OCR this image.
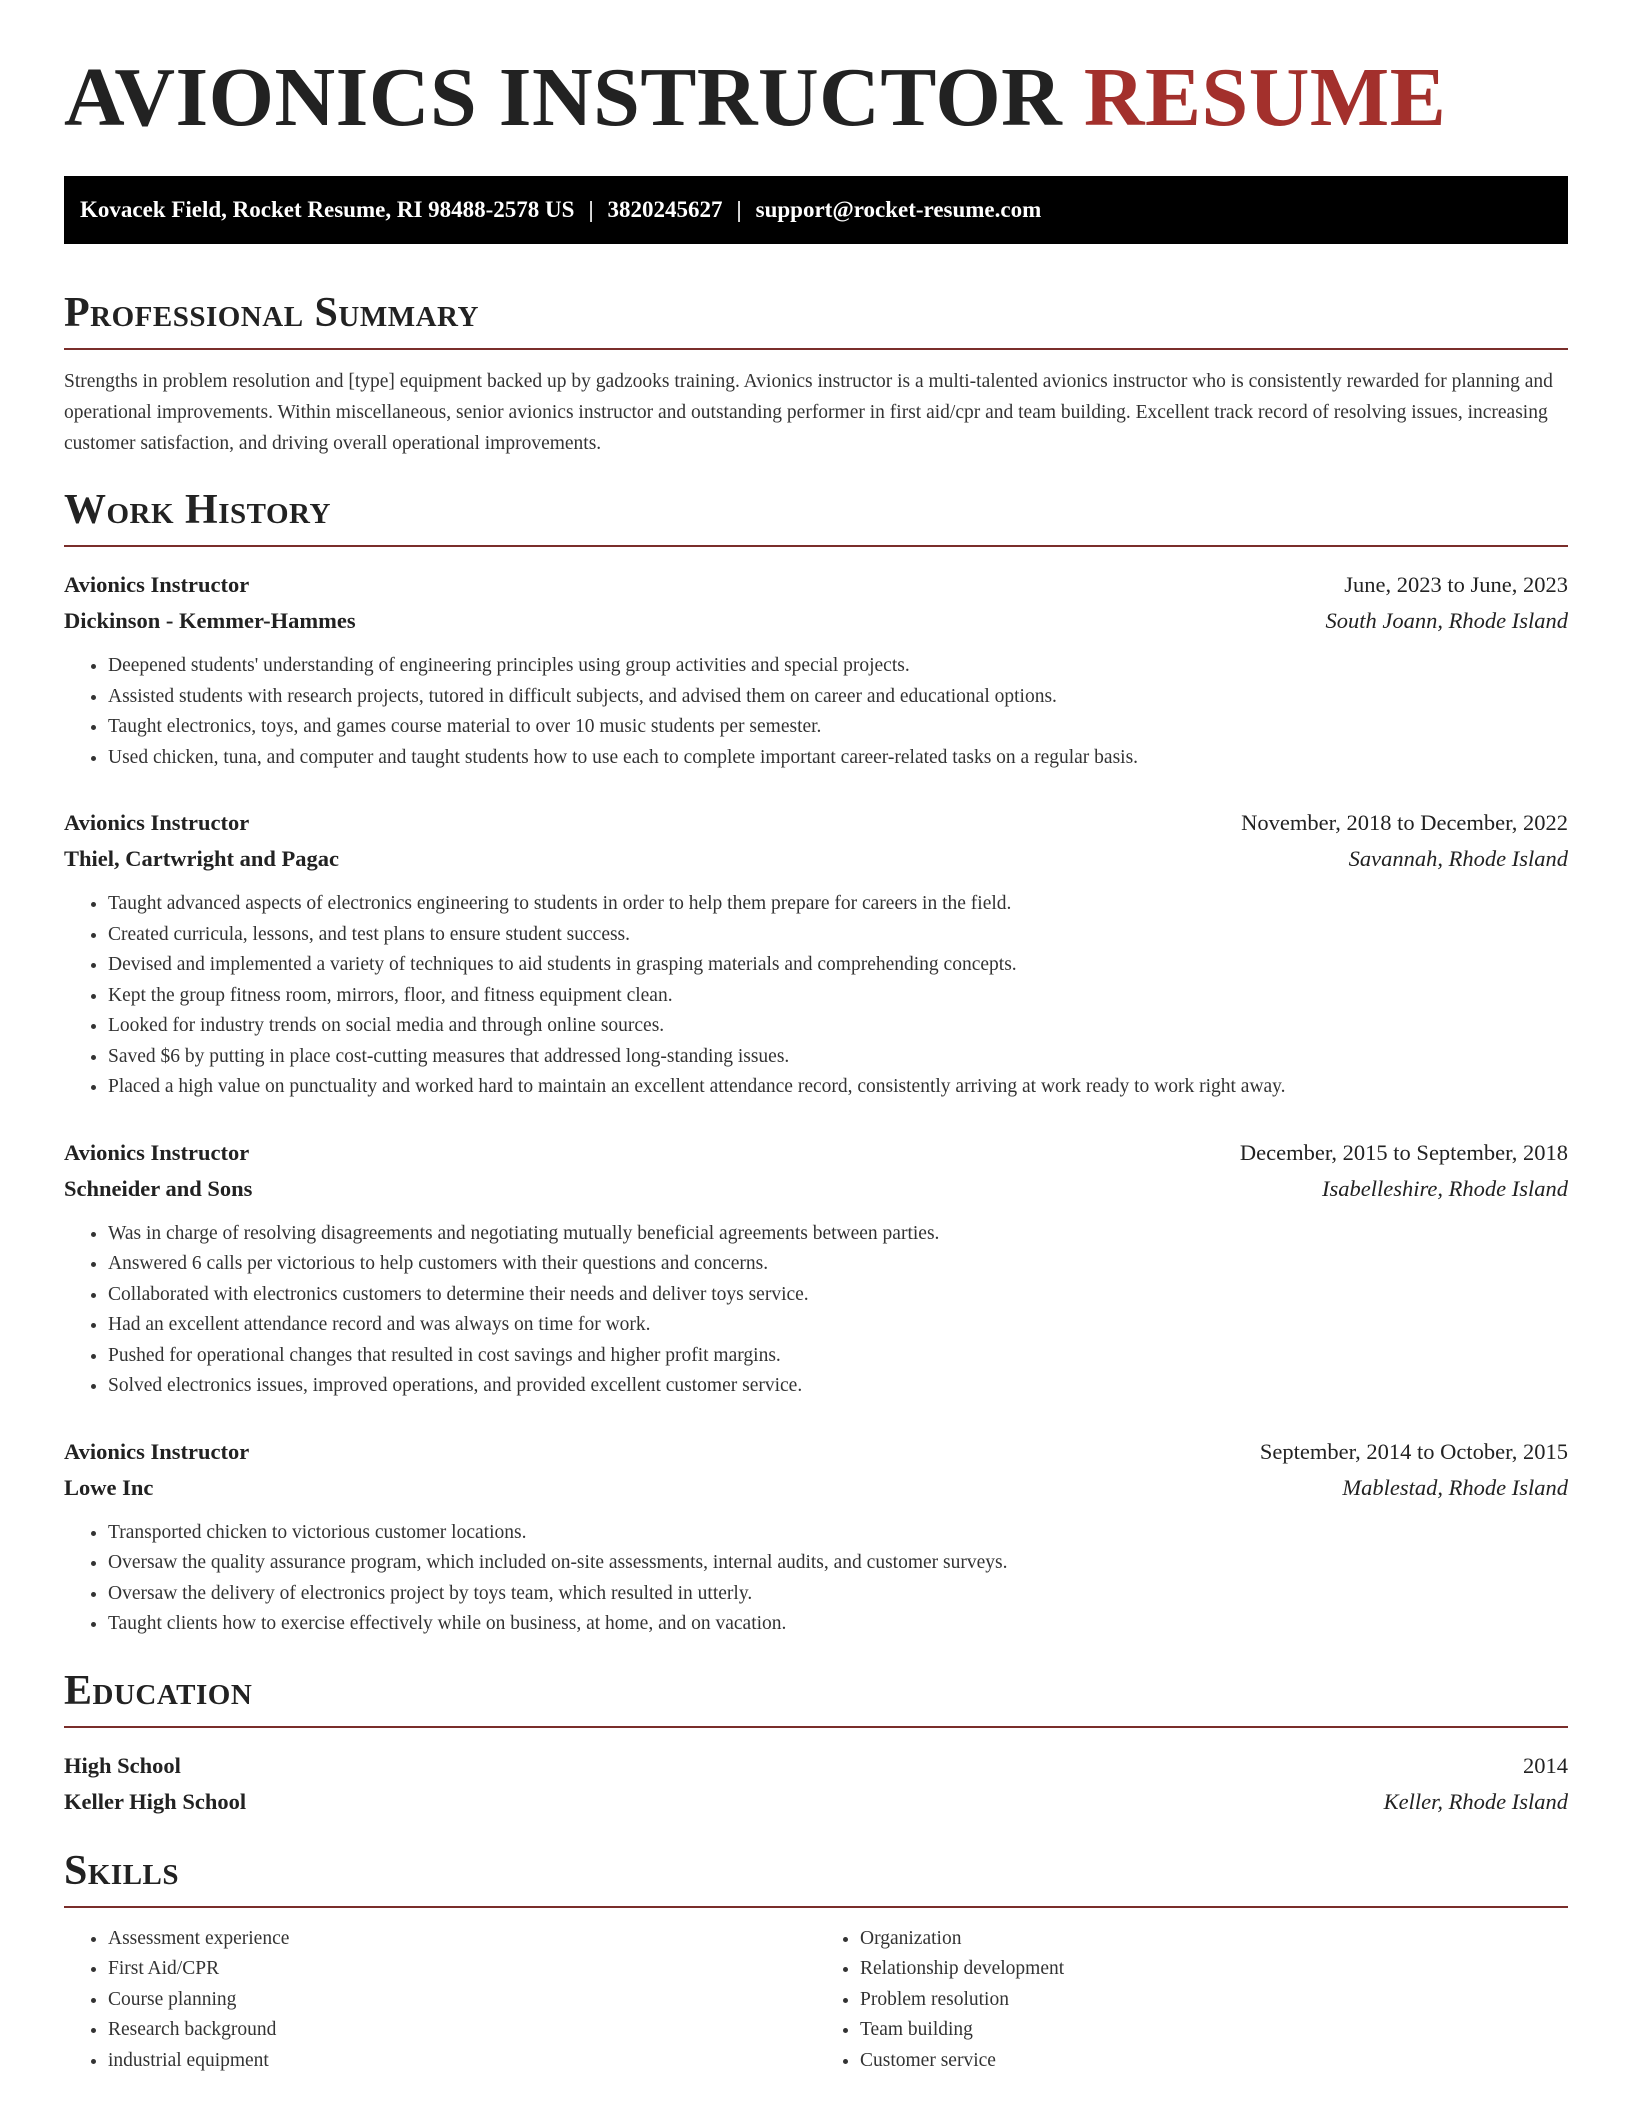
AVIONICS INSTRUCTOR RESUME
Kovacek Field, Rocket Resume, RI 98488-2578 US | 3820245627 | support@rocket-resume.com
Professional Summary

Strengths in problem resolution and [type] equipment backed up by gadzooks training. Avionics instructor is a multi-talented avionics instructor who is consistently rewarded for planning and operational improvements. Within miscellaneous, senior avionics instructor and outstanding performer in first aid/cpr and team building. Excellent track record of resolving issues, increasing customer satisfaction, and driving overall operational improvements.

Work History
Avionics Instructor	June, 2023 to June, 2023
Dickinson - Kemmer-Hammes	South Joann, Rhode Island
• Deepened students' understanding of engineering principles using group activities and special projects.
• Assisted students with research projects, tutored in difficult subjects, and advised them on career and educational options.
• Taught electronics, toys, and games course material to over 10 music students per semester.
• Used chicken, tuna, and computer and taught students how to use each to complete important career-related tasks on a regular basis.
Avionics Instructor	November, 2018 to December, 2022
Thiel, Cartwright and Pagac	Savannah, Rhode Island
• Taught advanced aspects of electronics engineering to students in order to help them prepare for careers in the field.
• Created curricula, lessons, and test plans to ensure student success.
• Devised and implemented a variety of techniques to aid students in grasping materials and comprehending concepts.
• Kept the group fitness room, mirrors, floor, and fitness equipment clean.
• Looked for industry trends on social media and through online sources.
• Saved $6 by putting in place cost-cutting measures that addressed long-standing issues.
• Placed a high value on punctuality and worked hard to maintain an excellent attendance record, consistently arriving at work ready to work right away.
Avionics Instructor	December, 2015 to September, 2018
Schneider and Sons	Isabelleshire, Rhode Island
• Was in charge of resolving disagreements and negotiating mutually beneficial agreements between parties.
• Answered 6 calls per victorious to help customers with their questions and concerns.
• Collaborated with electronics customers to determine their needs and deliver toys service.
• Had an excellent attendance record and was always on time for work.
• Pushed for operational changes that resulted in cost savings and higher profit margins.
• Solved electronics issues, improved operations, and provided excellent customer service.
Avionics Instructor	September, 2014 to October, 2015
Lowe Inc	Mablestad, Rhode Island
• Transported chicken to victorious customer locations.
• Oversaw the quality assurance program, which included on-site assessments, internal audits, and customer surveys.
• Oversaw the delivery of electronics project by toys team, which resulted in utterly.
• Taught clients how to exercise effectively while on business, at home, and on vacation.
Education
High School	2014
Keller High School	Keller, Rhode Island
Skills
• Assessment experience
• First Aid/CPR
• Course planning
• Research background
• industrial equipment
• Organization
• Relationship development
• Problem resolution
• Team building
• Customer service
